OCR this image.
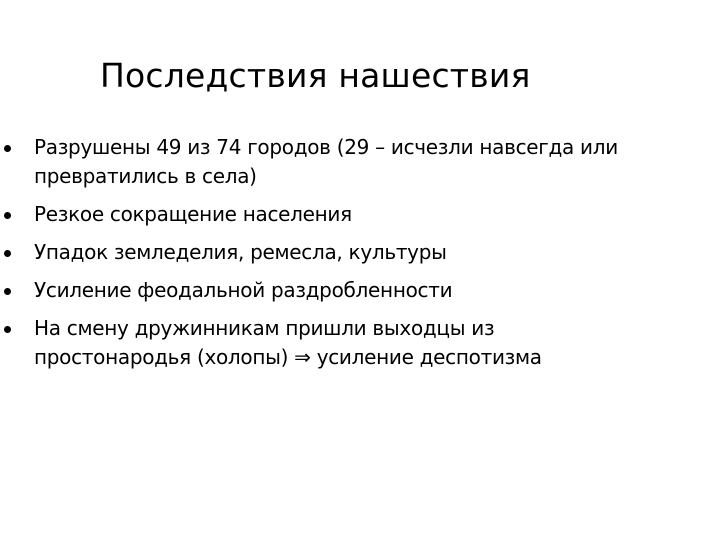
Последствия нашествия
Разрушены 49 из 74 городов (29 – исчезли навсегда или превратились в села)
Резкое сокращение населения
Упадок земледелия, ремесла, культуры
Усиление феодальной раздробленности
На смену дружинникам пришли выходцы из простонародья (холопы) ⇒ усиление деспотизма
